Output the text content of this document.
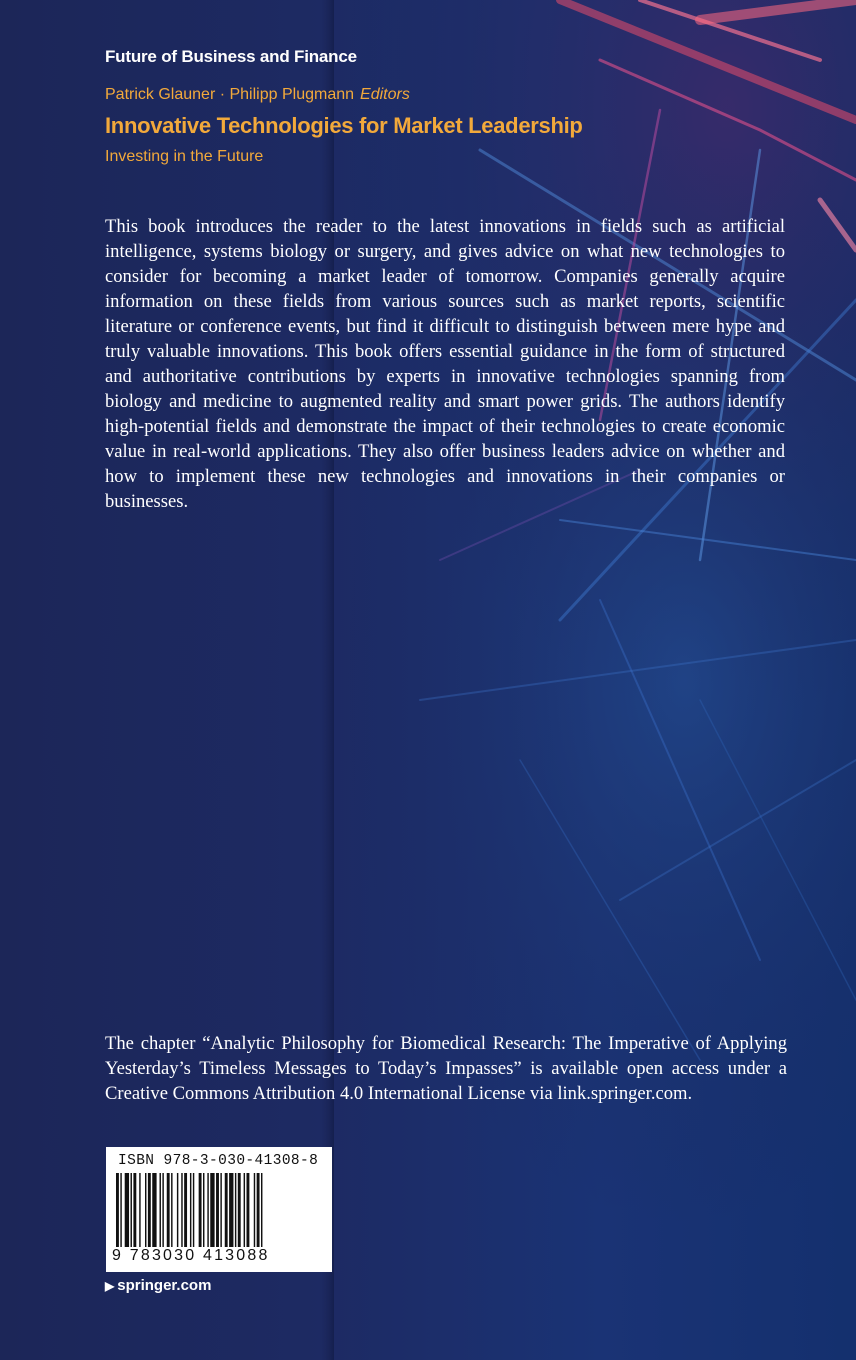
Future of Business and Finance
Patrick Glauner · Philipp Plugmann Editors
Innovative Technologies for Market Leadership
Investing in the Future

This book introduces the reader to the latest innovations in fields such as artificial intelligence, systems biology or surgery, and gives advice on what new technologies to consider for becoming a market leader of tomorrow. Companies generally acquire information on these fields from various sources such as market reports, scientific literature or conference events, but find it difficult to distinguish between mere hype and truly valuable innovations. This book offers essential guidance in the form of structured and authoritative contributions by experts in innovative technologies spanning from biology and medicine to augmented reality and smart power grids. The authors identify high-potential fields and demonstrate the impact of their technologies to create economic value in real-world applications. They also offer business leaders advice on whether and how to implement these new technologies and innovations in their companies or businesses.

The chapter “Analytic Philosophy for Biomedical Research: The Imperative of Applying Yesterday’s Timeless Messages to Today’s Impasses” is available open access under a Creative Commons Attribution 4.0 International License via link.springer.com.

ISBN 978-3-030-41308-8
9 783030 413088
▶ springer.com
